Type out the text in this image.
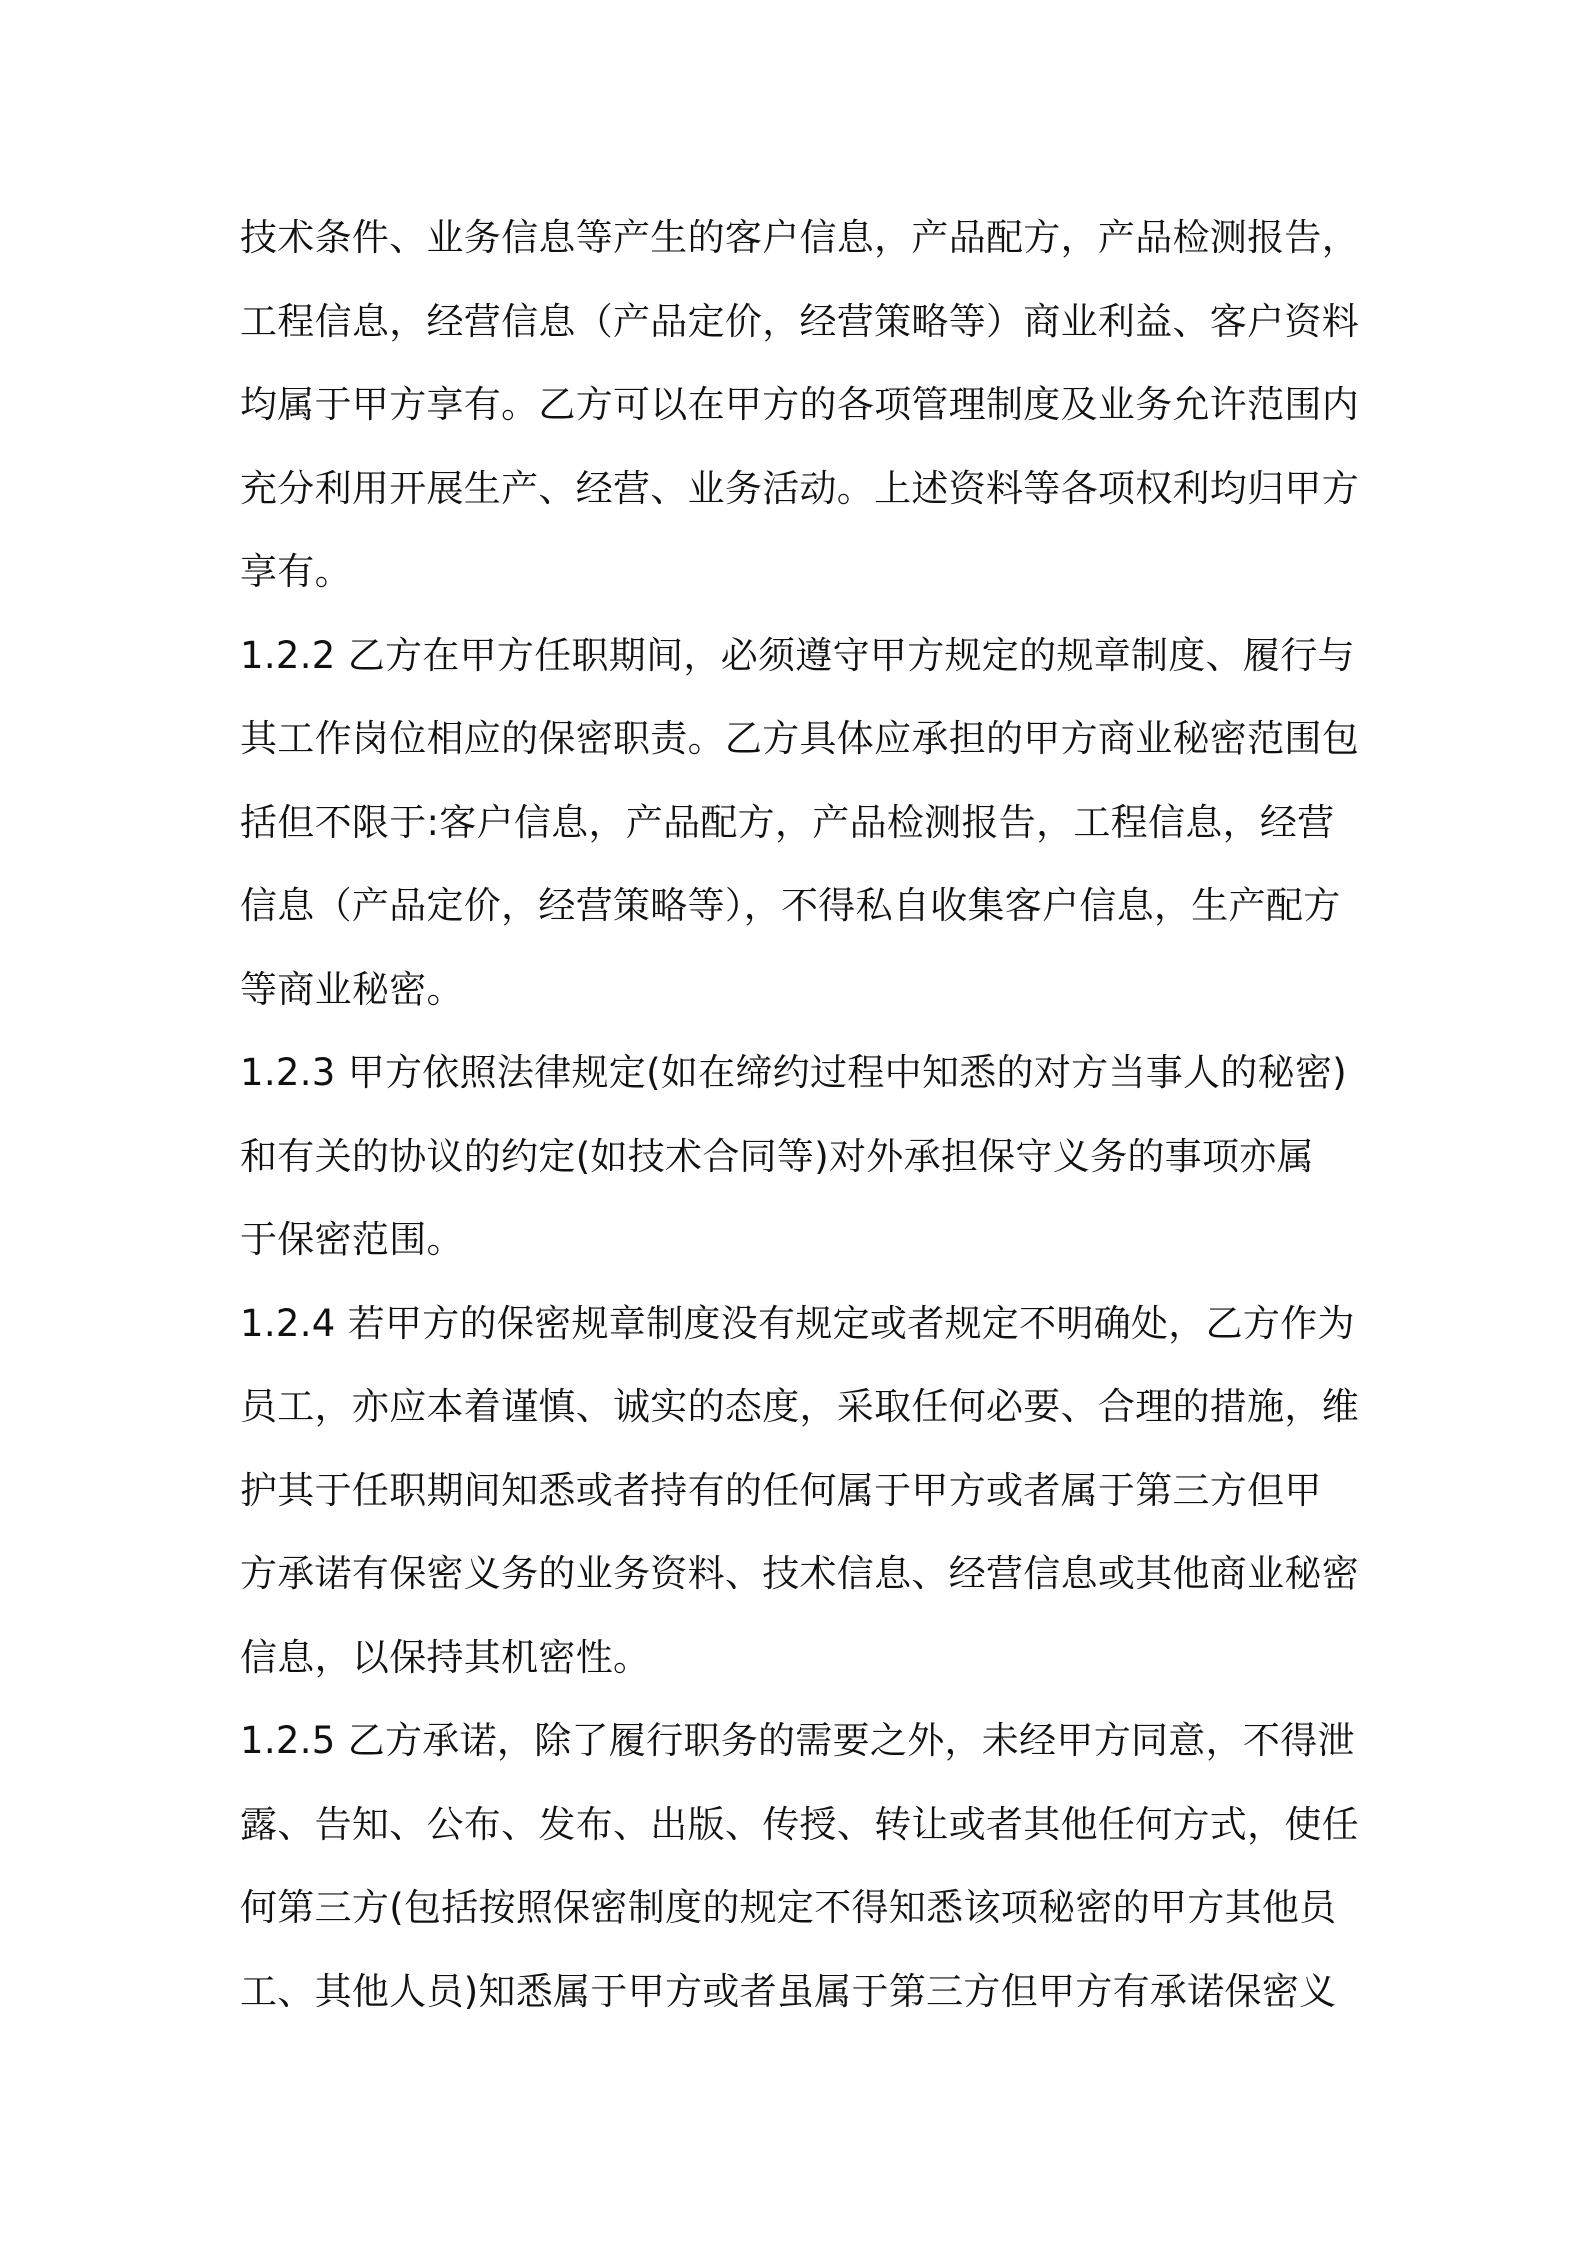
技术条件、业务信息等产生的客户信息，产品配方，产品检测报告，
工程信息，经营信息（产品定价，经营策略等）商业利益、客户资料
均属于甲方享有。乙方可以在甲方的各项管理制度及业务允许范围内
充分利用开展生产、经营、业务活动。上述资料等各项权利均归甲方
享有。
1.2.2 乙方在甲方任职期间，必须遵守甲方规定的规章制度、履行与
其工作岗位相应的保密职责。乙方具体应承担的甲方商业秘密范围包
括但不限于:客户信息，产品配方，产品检测报告，工程信息，经营
信息（产品定价，经营策略等），不得私自收集客户信息，生产配方
等商业秘密。
1.2.3 甲方依照法律规定(如在缔约过程中知悉的对方当事人的秘密)
和有关的协议的约定(如技术合同等)对外承担保守义务的事项亦属
于保密范围。
1.2.4 若甲方的保密规章制度没有规定或者规定不明确处，乙方作为
员工，亦应本着谨慎、诚实的态度，采取任何必要、合理的措施，维
护其于任职期间知悉或者持有的任何属于甲方或者属于第三方但甲
方承诺有保密义务的业务资料、技术信息、经营信息或其他商业秘密
信息，以保持其机密性。
1.2.5 乙方承诺，除了履行职务的需要之外，未经甲方同意，不得泄
露、告知、公布、发布、出版、传授、转让或者其他任何方式，使任
何第三方(包括按照保密制度的规定不得知悉该项秘密的甲方其他员
工、其他人员)知悉属于甲方或者虽属于第三方但甲方有承诺保密义
